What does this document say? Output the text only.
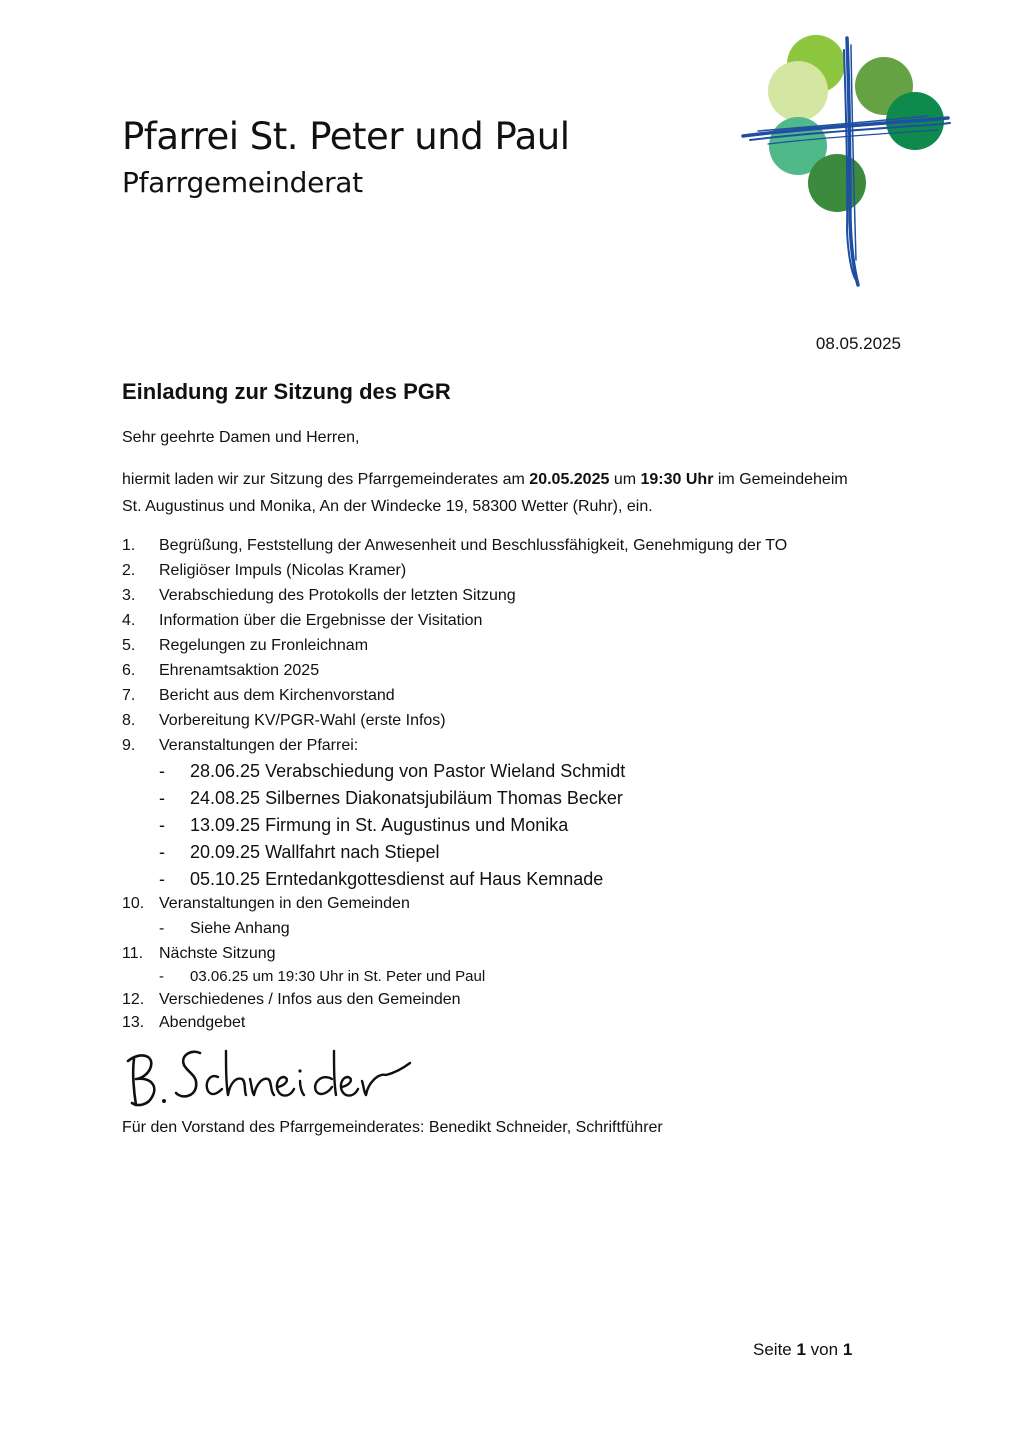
Pfarrei St. Peter und Paul
Pfarrgemeinderat
08.05.2025
Einladung zur Sitzung des PGR
Sehr geehrte Damen und Herren,
hiermit laden wir zur Sitzung des Pfarrgemeinderates am 20.05.2025 um 19:30 Uhr im Gemeindeheim
St. Augustinus und Monika, An der Windecke 19, 58300 Wetter (Ruhr), ein.
1. Begrüßung, Feststellung der Anwesenheit und Beschlussfähigkeit, Genehmigung der TO
2. Religiöser Impuls (Nicolas Kramer)
3. Verabschiedung des Protokolls der letzten Sitzung
4. Information über die Ergebnisse der Visitation
5. Regelungen zu Fronleichnam
6. Ehrenamtsaktion 2025
7. Bericht aus dem Kirchenvorstand
8. Vorbereitung KV/PGR-Wahl (erste Infos)
9. Veranstaltungen der Pfarrei:
- 28.06.25 Verabschiedung von Pastor Wieland Schmidt
- 24.08.25 Silbernes Diakonatsjubiläum Thomas Becker
- 13.09.25 Firmung in St. Augustinus und Monika
- 20.09.25 Wallfahrt nach Stiepel
- 05.10.25 Erntedankgottesdienst auf Haus Kemnade
10. Veranstaltungen in den Gemeinden
- Siehe Anhang
11. Nächste Sitzung
- 03.06.25 um 19:30 Uhr in St. Peter und Paul
12. Verschiedenes / Infos aus den Gemeinden
13. Abendgebet
Für den Vorstand des Pfarrgemeinderates: Benedikt Schneider, Schriftführer
Seite 1 von 1
